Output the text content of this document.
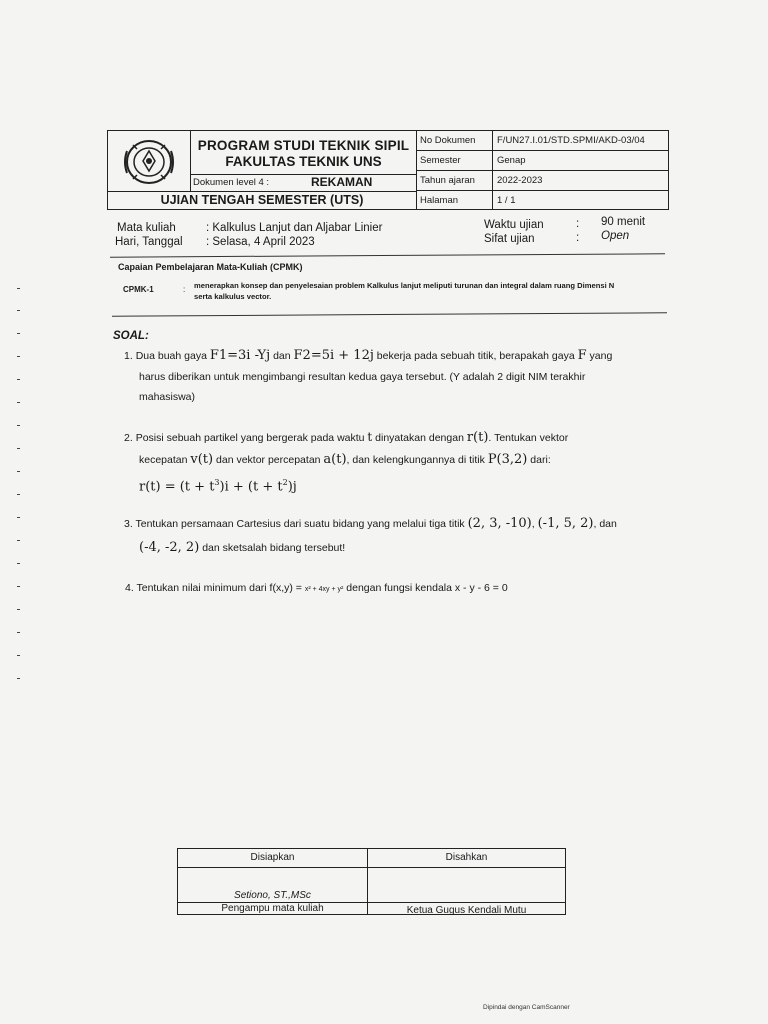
PROGRAM STUDI TEKNIK SIPIL
FAKULTAS TEKNIK UNS
Dokumen level 4 :	REKAMAN
UJIAN TENGAH SEMESTER (UTS)
No Dokumen	F/UN27.I.01/STD.SPMI/AKD-03/04
Semester	Genap
Tahun ajaran	2022-2023
Halaman	1 / 1
Mata kuliah	: Kalkulus Lanjut dan Aljabar Linier
Hari, Tanggal : Selasa, 4 April 2023
Waktu ujian	: 90 menit
Sifat ujian	: Open
Capaian Pembelajaran Mata-Kuliah (CPMK)
CPMK-1	: menerapkan konsep dan penyelesaian problem Kalkulus lanjut meliputi turunan dan integral dalam ruang Dimensi N serta kalkulus vector.
SOAL:
1. Dua buah gaya F1=3i -Yj dan F2=5i + 12j bekerja pada sebuah titik, berapakah gaya F yang
harus diberikan untuk mengimbangi resultan kedua gaya tersebut. (Y adalah 2 digit NIM terakhir
mahasiswa)
2. Posisi sebuah partikel yang bergerak pada waktu t dinyatakan dengan r(t). Tentukan vektor
kecepatan v(t) dan vektor percepatan a(t), dan kelengkungannya di titik P(3,2) dari:
$r(t) = (t + t^3)i + (t + t^2)j$
3. Tentukan persamaan Cartesius dari suatu bidang yang melalui tiga titik (2, 3, -10), (-1, 5, 2), dan
(-4, -2, 2) dan sketsalah bidang tersebut!
4. Tentukan nilai minimum dari f(x,y) = x² + 4xy + y² dengan fungsi kendala x - y - 6 = 0
Disiapkan	Disahkan
Setiono, ST.,MSc
Pengampu mata kuliah	Ketua Gugus Kendali Mutu
Dipindai dengan CamScanner
